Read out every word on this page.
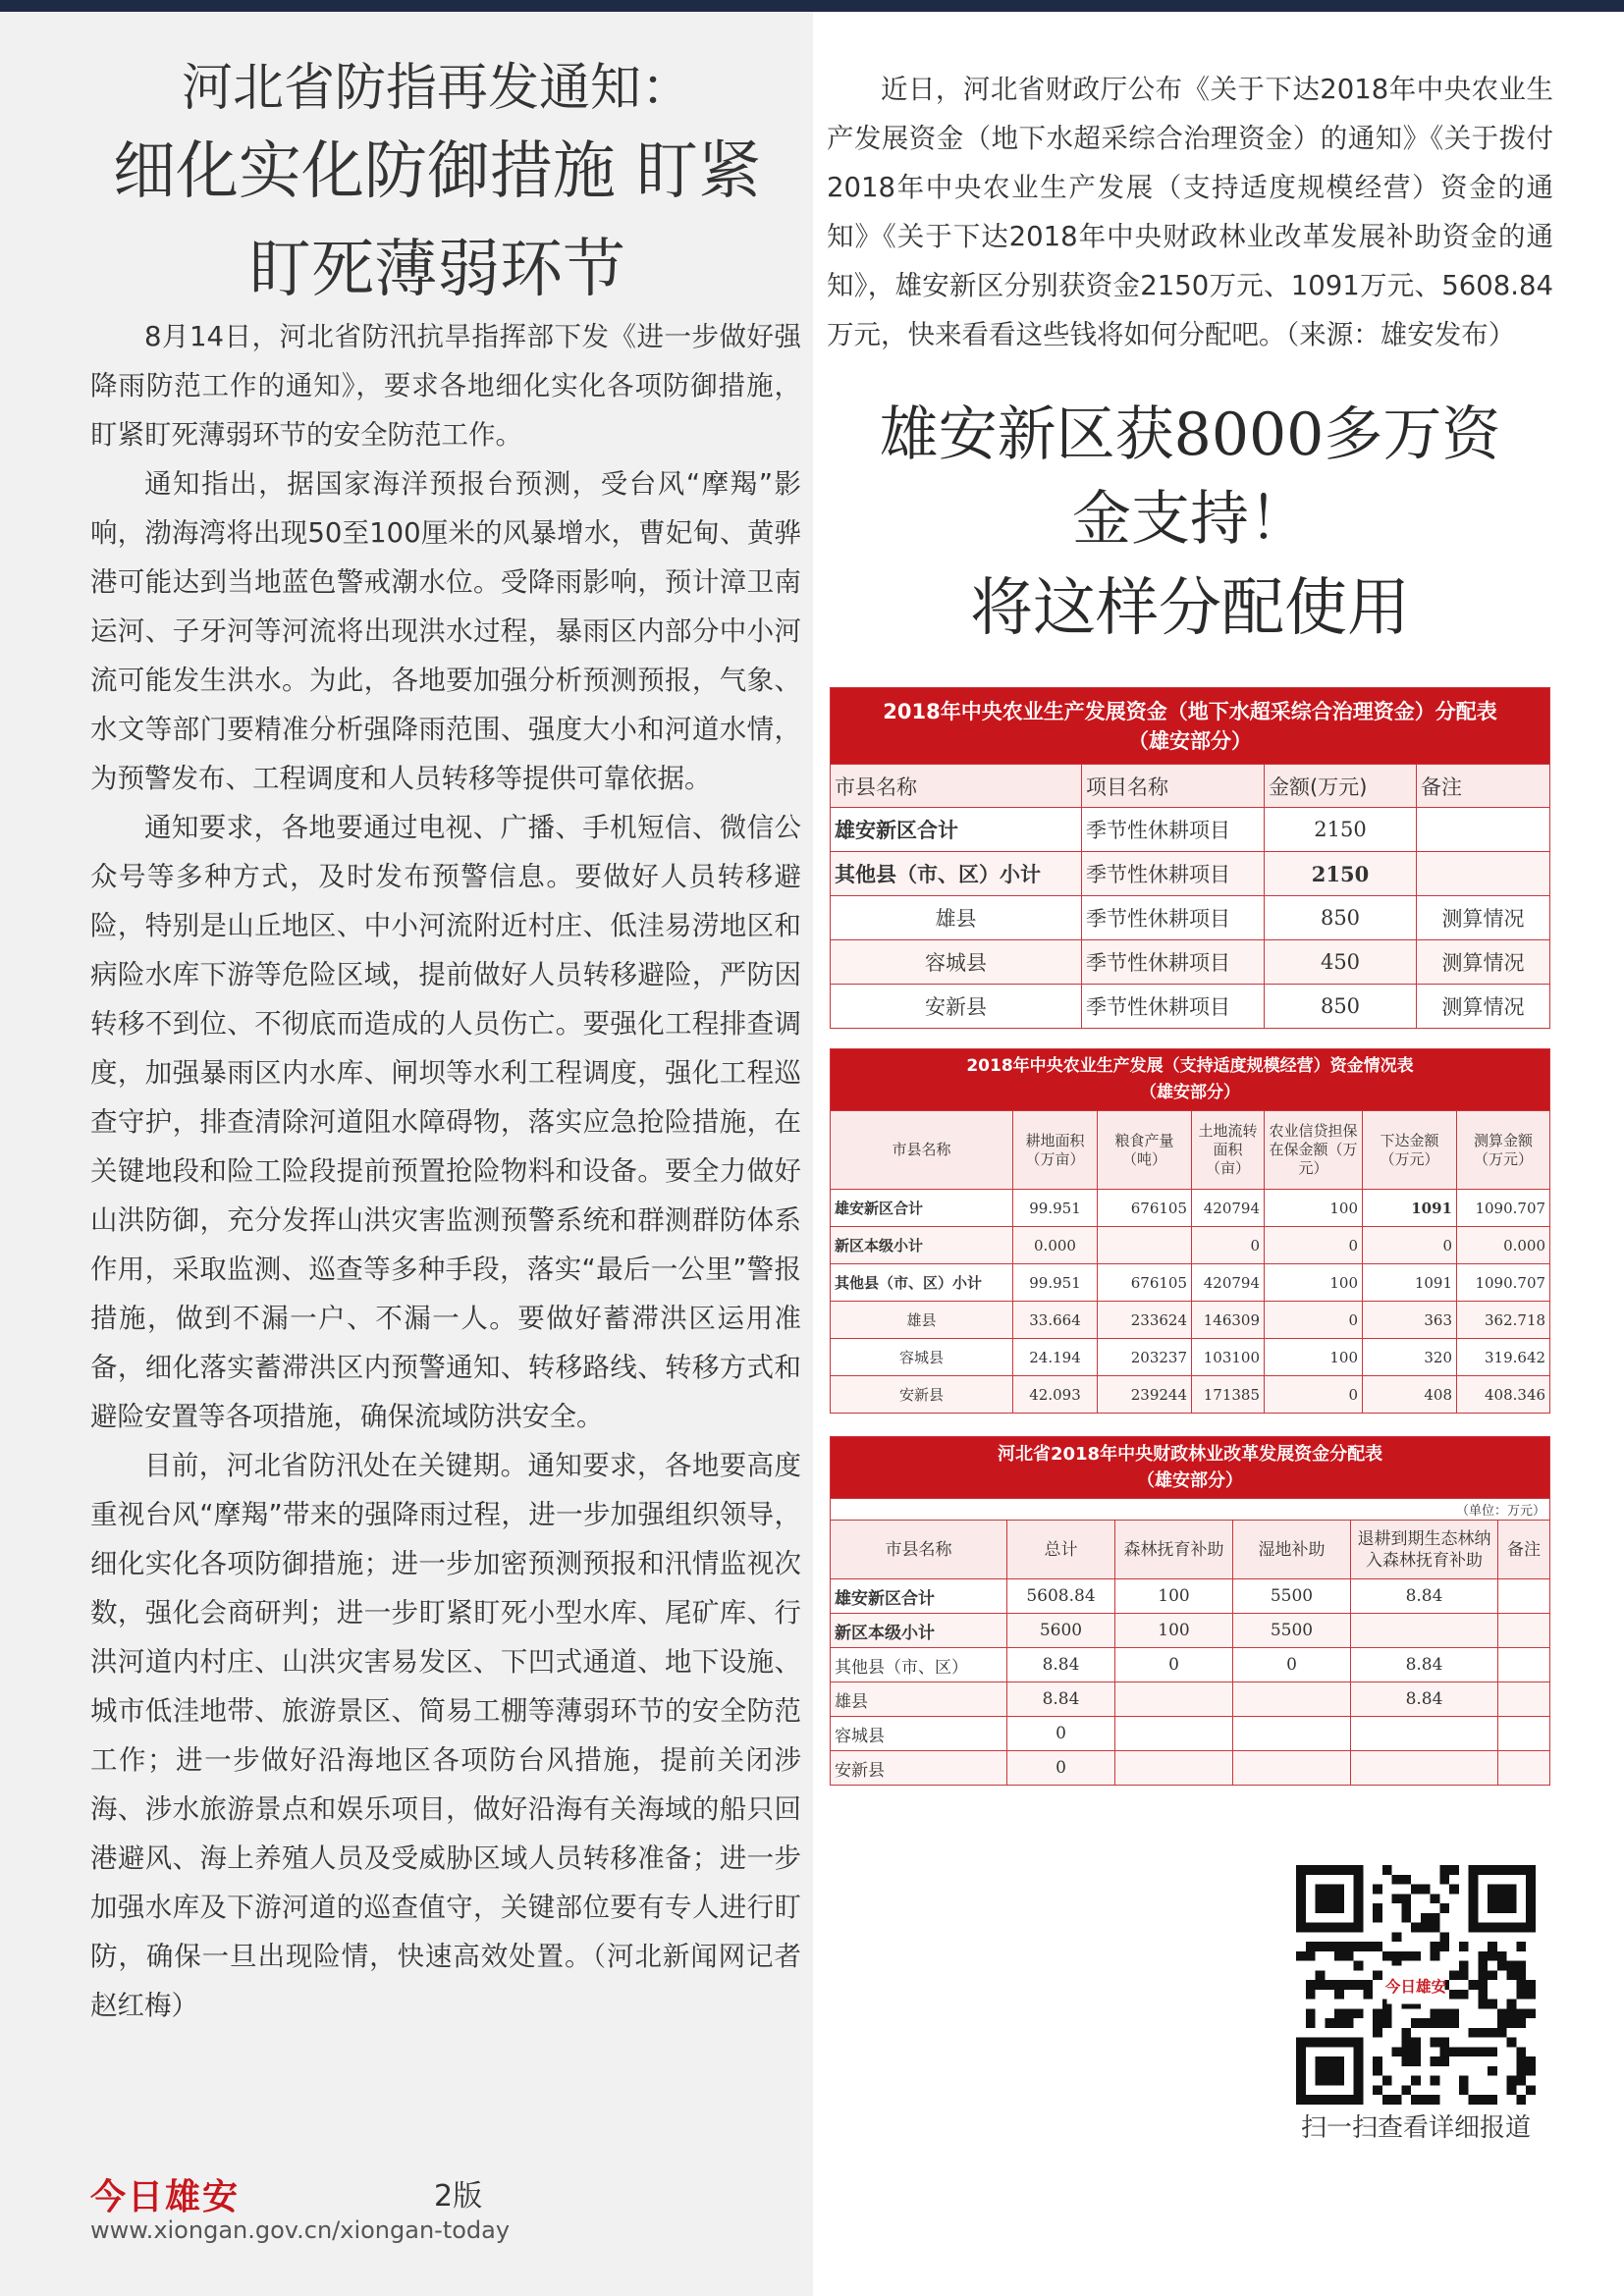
河北省防指再发通知：
细化实化防御措施 盯紧
盯死薄弱环节

8月14日，河北省防汛抗旱指挥部下发《进一步做好强降雨防范工作的通知》，要求各地细化实化各项防御措施，盯紧盯死薄弱环节的安全防范工作。

通知指出，据国家海洋预报台预测，受台风“摩羯”影响，渤海湾将出现50至100厘米的风暴增水，曹妃甸、黄骅港可能达到当地蓝色警戒潮水位。受降雨影响，预计漳卫南运河、子牙河等河流将出现洪水过程，暴雨区内部分中小河流可能发生洪水。为此，各地要加强分析预测预报，气象、水文等部门要精准分析强降雨范围、强度大小和河道水情，为预警发布、工程调度和人员转移等提供可靠依据。

通知要求，各地要通过电视、广播、手机短信、微信公众号等多种方式，及时发布预警信息。要做好人员转移避险，特别是山丘地区、中小河流附近村庄、低洼易涝地区和病险水库下游等危险区域，提前做好人员转移避险，严防因转移不到位、不彻底而造成的人员伤亡。要强化工程排查调度，加强暴雨区内水库、闸坝等水利工程调度，强化工程巡查守护，排查清除河道阻水障碍物，落实应急抢险措施，在关键地段和险工险段提前预置抢险物料和设备。要全力做好山洪防御，充分发挥山洪灾害监测预警系统和群测群防体系作用，采取监测、巡查等多种手段，落实“最后一公里”警报措施，做到不漏一户、不漏一人。要做好蓄滞洪区运用准备，细化落实蓄滞洪区内预警通知、转移路线、转移方式和避险安置等各项措施，确保流域防洪安全。

目前，河北省防汛处在关键期。通知要求，各地要高度重视台风“摩羯”带来的强降雨过程，进一步加强组织领导，细化实化各项防御措施；进一步加密预测预报和汛情监视次数，强化会商研判；进一步盯紧盯死小型水库、尾矿库、行洪河道内村庄、山洪灾害易发区、下凹式通道、地下设施、城市低洼地带、旅游景区、简易工棚等薄弱环节的安全防范工作；进一步做好沿海地区各项防台风措施，提前关闭涉海、涉水旅游景点和娱乐项目，做好沿海有关海域的船只回港避风、海上养殖人员及受威胁区域人员转移准备；进一步加强水库及下游河道的巡查值守，关键部位要有专人进行盯防，确保一旦出现险情，快速高效处置。（河北新闻网记者赵红梅）

今日雄安	2版
www.xiongan.gov.cn/xiongan-today

近日，河北省财政厅公布《关于下达2018年中央农业生产发展资金（地下水超采综合治理资金）的通知》《关于拨付2018年中央农业生产发展（支持适度规模经营）资金的通知》《关于下达2018年中央财政林业改革发展补助资金的通知》，雄安新区分别获资金2150万元、1091万元、5608.84万元，快来看看这些钱将如何分配吧。（来源：雄安发布）

雄安新区获8000多万资
金支持！
将这样分配使用
2018年中央农业生产发展资金（地下水超采综合治理资金）分配表
（雄安部分）			

市县名称	项目名称	金额(万元)	备注
雄安新区合计	季节性休耕项目	2150	
其他县（市、区）小计	季节性休耕项目	2150	
雄县	季节性休耕项目	850	测算情况
容城县	季节性休耕项目	450	测算情况
安新县	季节性休耕项目	850	测算情况
2018年中央农业生产发展（支持适度规模经营）资金情况表
（雄安部分）						

市县名称	耕地面积（万亩）	粮食产量（吨）	土地流转面积（亩）	农业信贷担保在保金额（万元）	下达金额（万元）	测算金额（万元）
雄安新区合计	99.951	676105	420794	100	1091	1090.707
新区本级小计	0.000		0	0	0	0.000
其他县（市、区）小计	99.951	676105	420794	100	1091	1090.707
雄县	33.664	233624	146309	0	363	362.718
容城县	24.194	203237	103100	100	320	319.642
安新县	42.093	239244	171385	0	408	408.346
河北省2018年中央财政林业改革发展资金分配表
（雄安部分）					

（单位：万元）					
市县名称	总计	森林抚育补助	湿地补助	退耕到期生态林纳入森林抚育补助	备注
雄安新区合计	5608.84	100	5500	8.84	
新区本级小计	5600	100	5500		
其他县（市、区）	8.84	0	0	8.84	
雄县	8.84			8.84	
容城县	0				
安新县	0				
今日雄安
扫一扫查看详细报道
